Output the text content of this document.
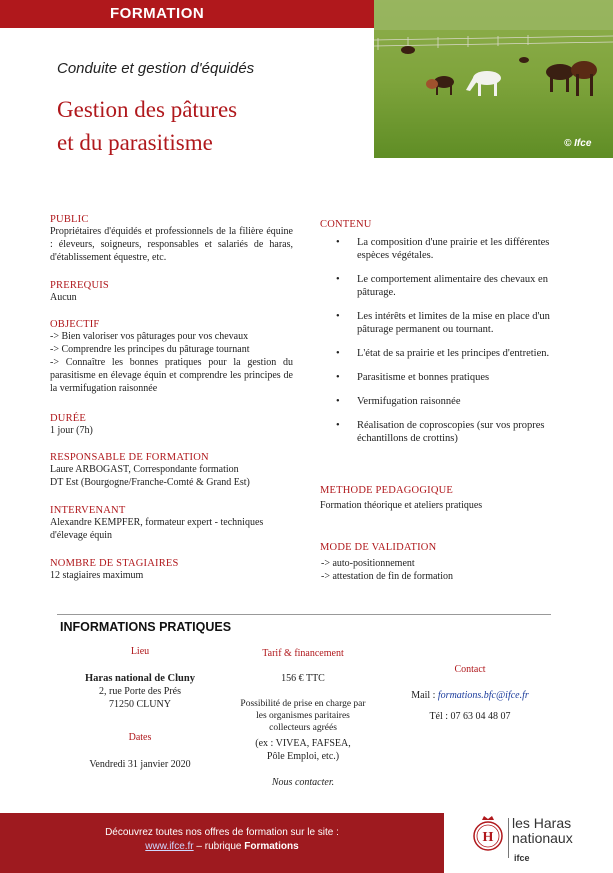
FORMATION
© Ifce
Conduite et gestion d'équidés
Gestion des pâtures
et du parasitisme
PUBLIC
Propriétaires d'équidés et professionnels de la filière équine : éleveurs, soigneurs, responsables et salariés de haras, d'établissement équestre, etc.
PREREQUIS
Aucun
OBJECTIF
-> Bien valoriser vos pâturages pour vos chevaux
-> Comprendre les principes du pâturage tournant
-> Connaître les bonnes pratiques pour la gestion du parasitisme en élevage équin et comprendre les principes de la vermifugation raisonnée
DURÉE
1 jour (7h)
RESPONSABLE DE FORMATION
Laure ARBOGAST, Correspondante formation
DT Est (Bourgogne/Franche-Comté & Grand Est)
INTERVENANT
Alexandre KEMPFER, formateur expert - techniques d'élevage équin
NOMBRE DE STAGIAIRES
12 stagiaires maximum
CONTENU
• La composition d'une prairie et les différentes espèces végétales.
• Le comportement alimentaire des chevaux en pâturage.
• Les intérêts et limites de la mise en place d'un pâturage permanent ou tournant.
• L'état de sa prairie et les principes d'entretien.
• Parasitisme et bonnes pratiques
• Vermifugation raisonnée
• Réalisation de coproscopies (sur vos propres échantillons de crottins)
METHODE PEDAGOGIQUE
Formation théorique et ateliers pratiques
MODE DE VALIDATION
-> auto-positionnement
-> attestation de fin de formation
INFORMATIONS PRATIQUES
Lieu
Haras national de Cluny
2, rue Porte des Prés
71250 CLUNY
Dates
Vendredi 31 janvier 2020
Tarif & financement
156 € TTC
Possibilité de prise en charge par
les organismes paritaires
collecteurs agréés
(ex : VIVEA, FAFSEA,
Pôle Emploi, etc.)
Nous contacter.
Contact
Mail : formations.bfc@ifce.fr
Tél : 07 63 04 48 07
Découvrez toutes nos offres de formation sur le site :
www.ifce.fr – rubrique Formations
H
les Haras
nationaux
ifce
